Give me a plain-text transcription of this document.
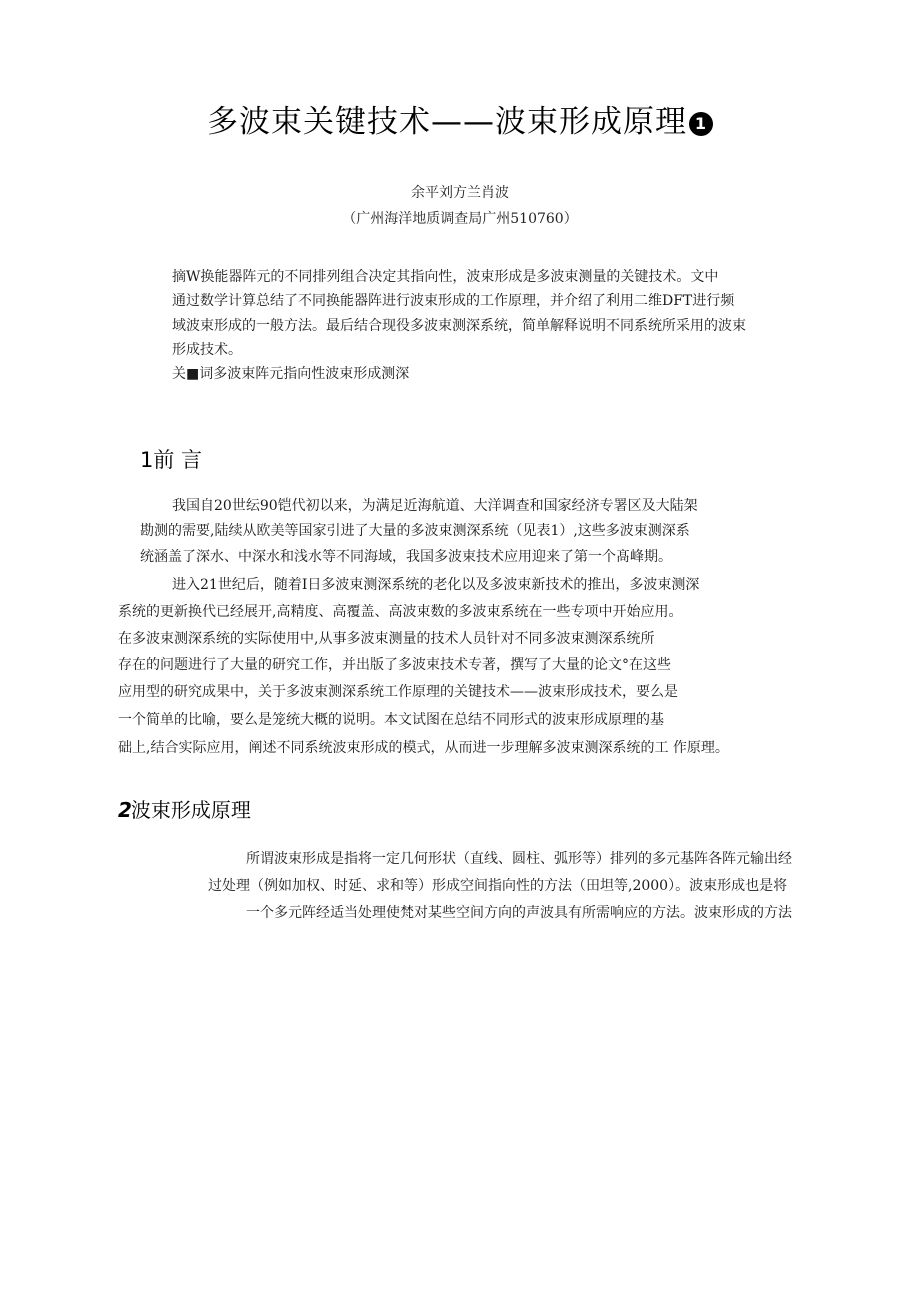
多波束关键技术——波束形成原理 1
余平刘方兰肖波
（广州海洋地质调查局广州510760）
摘W换能器阵元的不同排列组合决定其指向性，波束形成是多波束测量的关键技术。文中
通过数学计算总结了不同换能器阵进行波束形成的工作原理，并介绍了利用二维DFT进行频
域波束形成的一般方法。最后结合现役多波束测深系统，简单解释说明不同系统所采用的波束
形成技术。
关■词多波束阵元指向性波束形成测深
1前 言
我国自20世纭90铠代初以来，为满足近海航道、大洋调查和国家经济专署区及大陆架
勘测的需要,陆续从欧美等国家引进了大量的多波束测深系统（见表1）,这些多波束测深系
统涵盖了深水、中深水和浅水等不同海域，我国多波束技术应用迎来了第一个髙峰期。
进入21世纪后，随着I日多波束测深系统的老化以及多波束新技术的推出，多波束测深
系统的更新换代已经展开,高精度、高覆盖、高波束数的多波束系统在一些专项中开始应用。
在多波束测深系统的实际使用中,从事多波束测量的技术人员针对不同多波束测深系统所
存在的问题进行了大量的研究工作，并出版了多波束技术专著，撰写了大量的论文°在这些
应用型的研究成果中，关于多波束测深系统工作原理的关键技术——波束形成技术，要么是
一个简单的比喻，要么是笼统大概的说明。本文试图在总结不同形式的波束形成原理的基
础上,结合实际应用，阐述不同系统波束形成的模式，从而进一步理解多波束测深系统的工 作原理。
2波束形成原理
所谓波束形成是指将一定几何形状（直线、圆柱、弧形等）排列的多元基阵各阵元输出经
过处理（例如加权、时延、求和等）形成空间指向性的方法（田坦等,2000）。波束形成也是将
一个多元阵经适当处理使梵对某些空间方向的声波具有所需响应的方法。波束形成的方法
